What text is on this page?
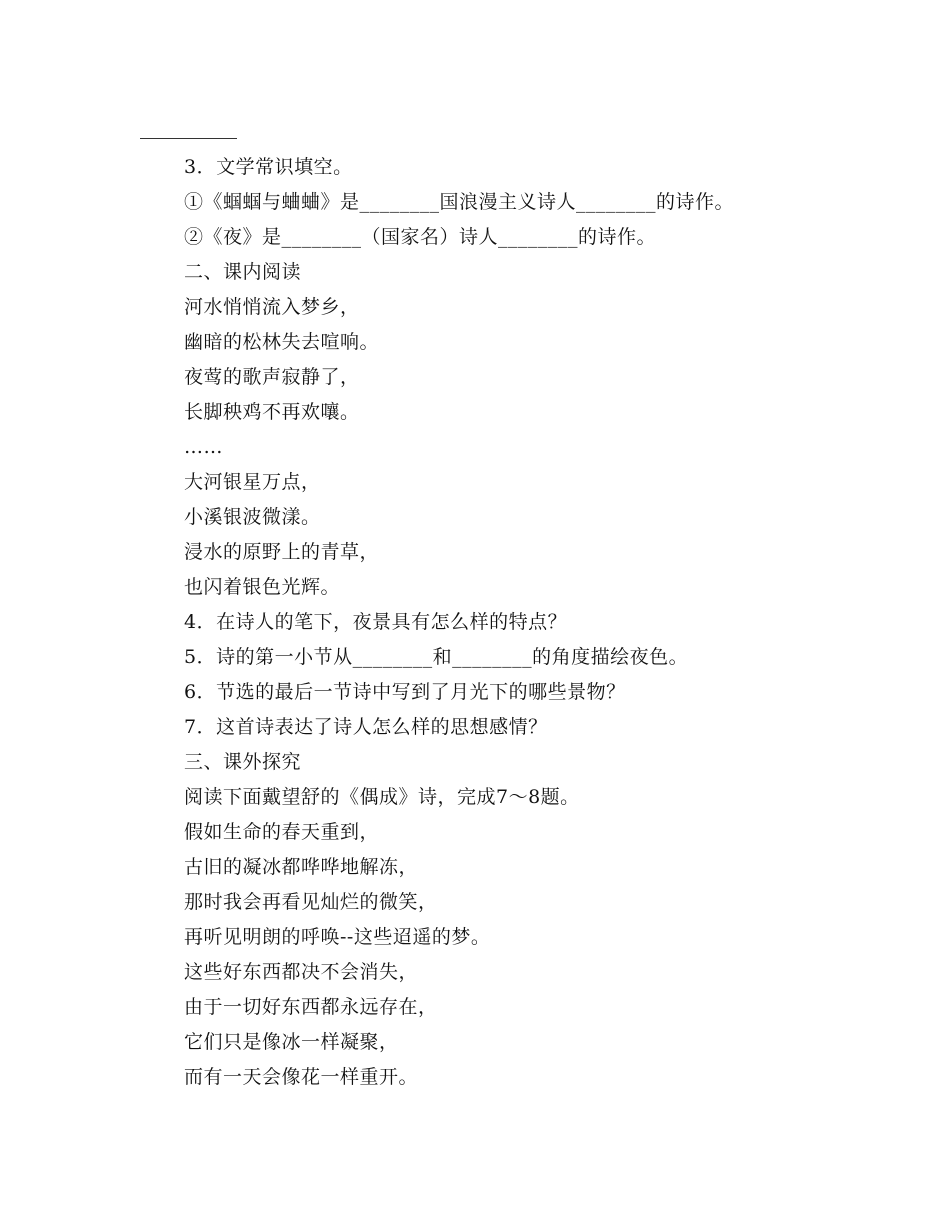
3．文学常识填空。
①《蝈蝈与蛐蛐》是________国浪漫主义诗人________的诗作。
②《夜》是________（国家名）诗人________的诗作。
二、课内阅读
河水悄悄流入梦乡，
幽暗的松林失去喧响。
夜莺的歌声寂静了，
长脚秧鸡不再欢嚷。
……
大河银星万点，
小溪银波微漾。
浸水的原野上的青草，
也闪着银色光辉。
4．在诗人的笔下，夜景具有怎么样的特点？
5．诗的第一小节从________和________的角度描绘夜色。
6．节选的最后一节诗中写到了月光下的哪些景物？
7．这首诗表达了诗人怎么样的思想感情？
三、课外探究
阅读下面戴望舒的《偶成》诗，完成7～8题。
假如生命的春天重到，
古旧的凝冰都哗哗地解冻，
那时我会再看见灿烂的微笑，
再听见明朗的呼唤--这些迢遥的梦。
这些好东西都决不会消失，
由于一切好东西都永远存在，
它们只是像冰一样凝聚，
而有一天会像花一样重开。
